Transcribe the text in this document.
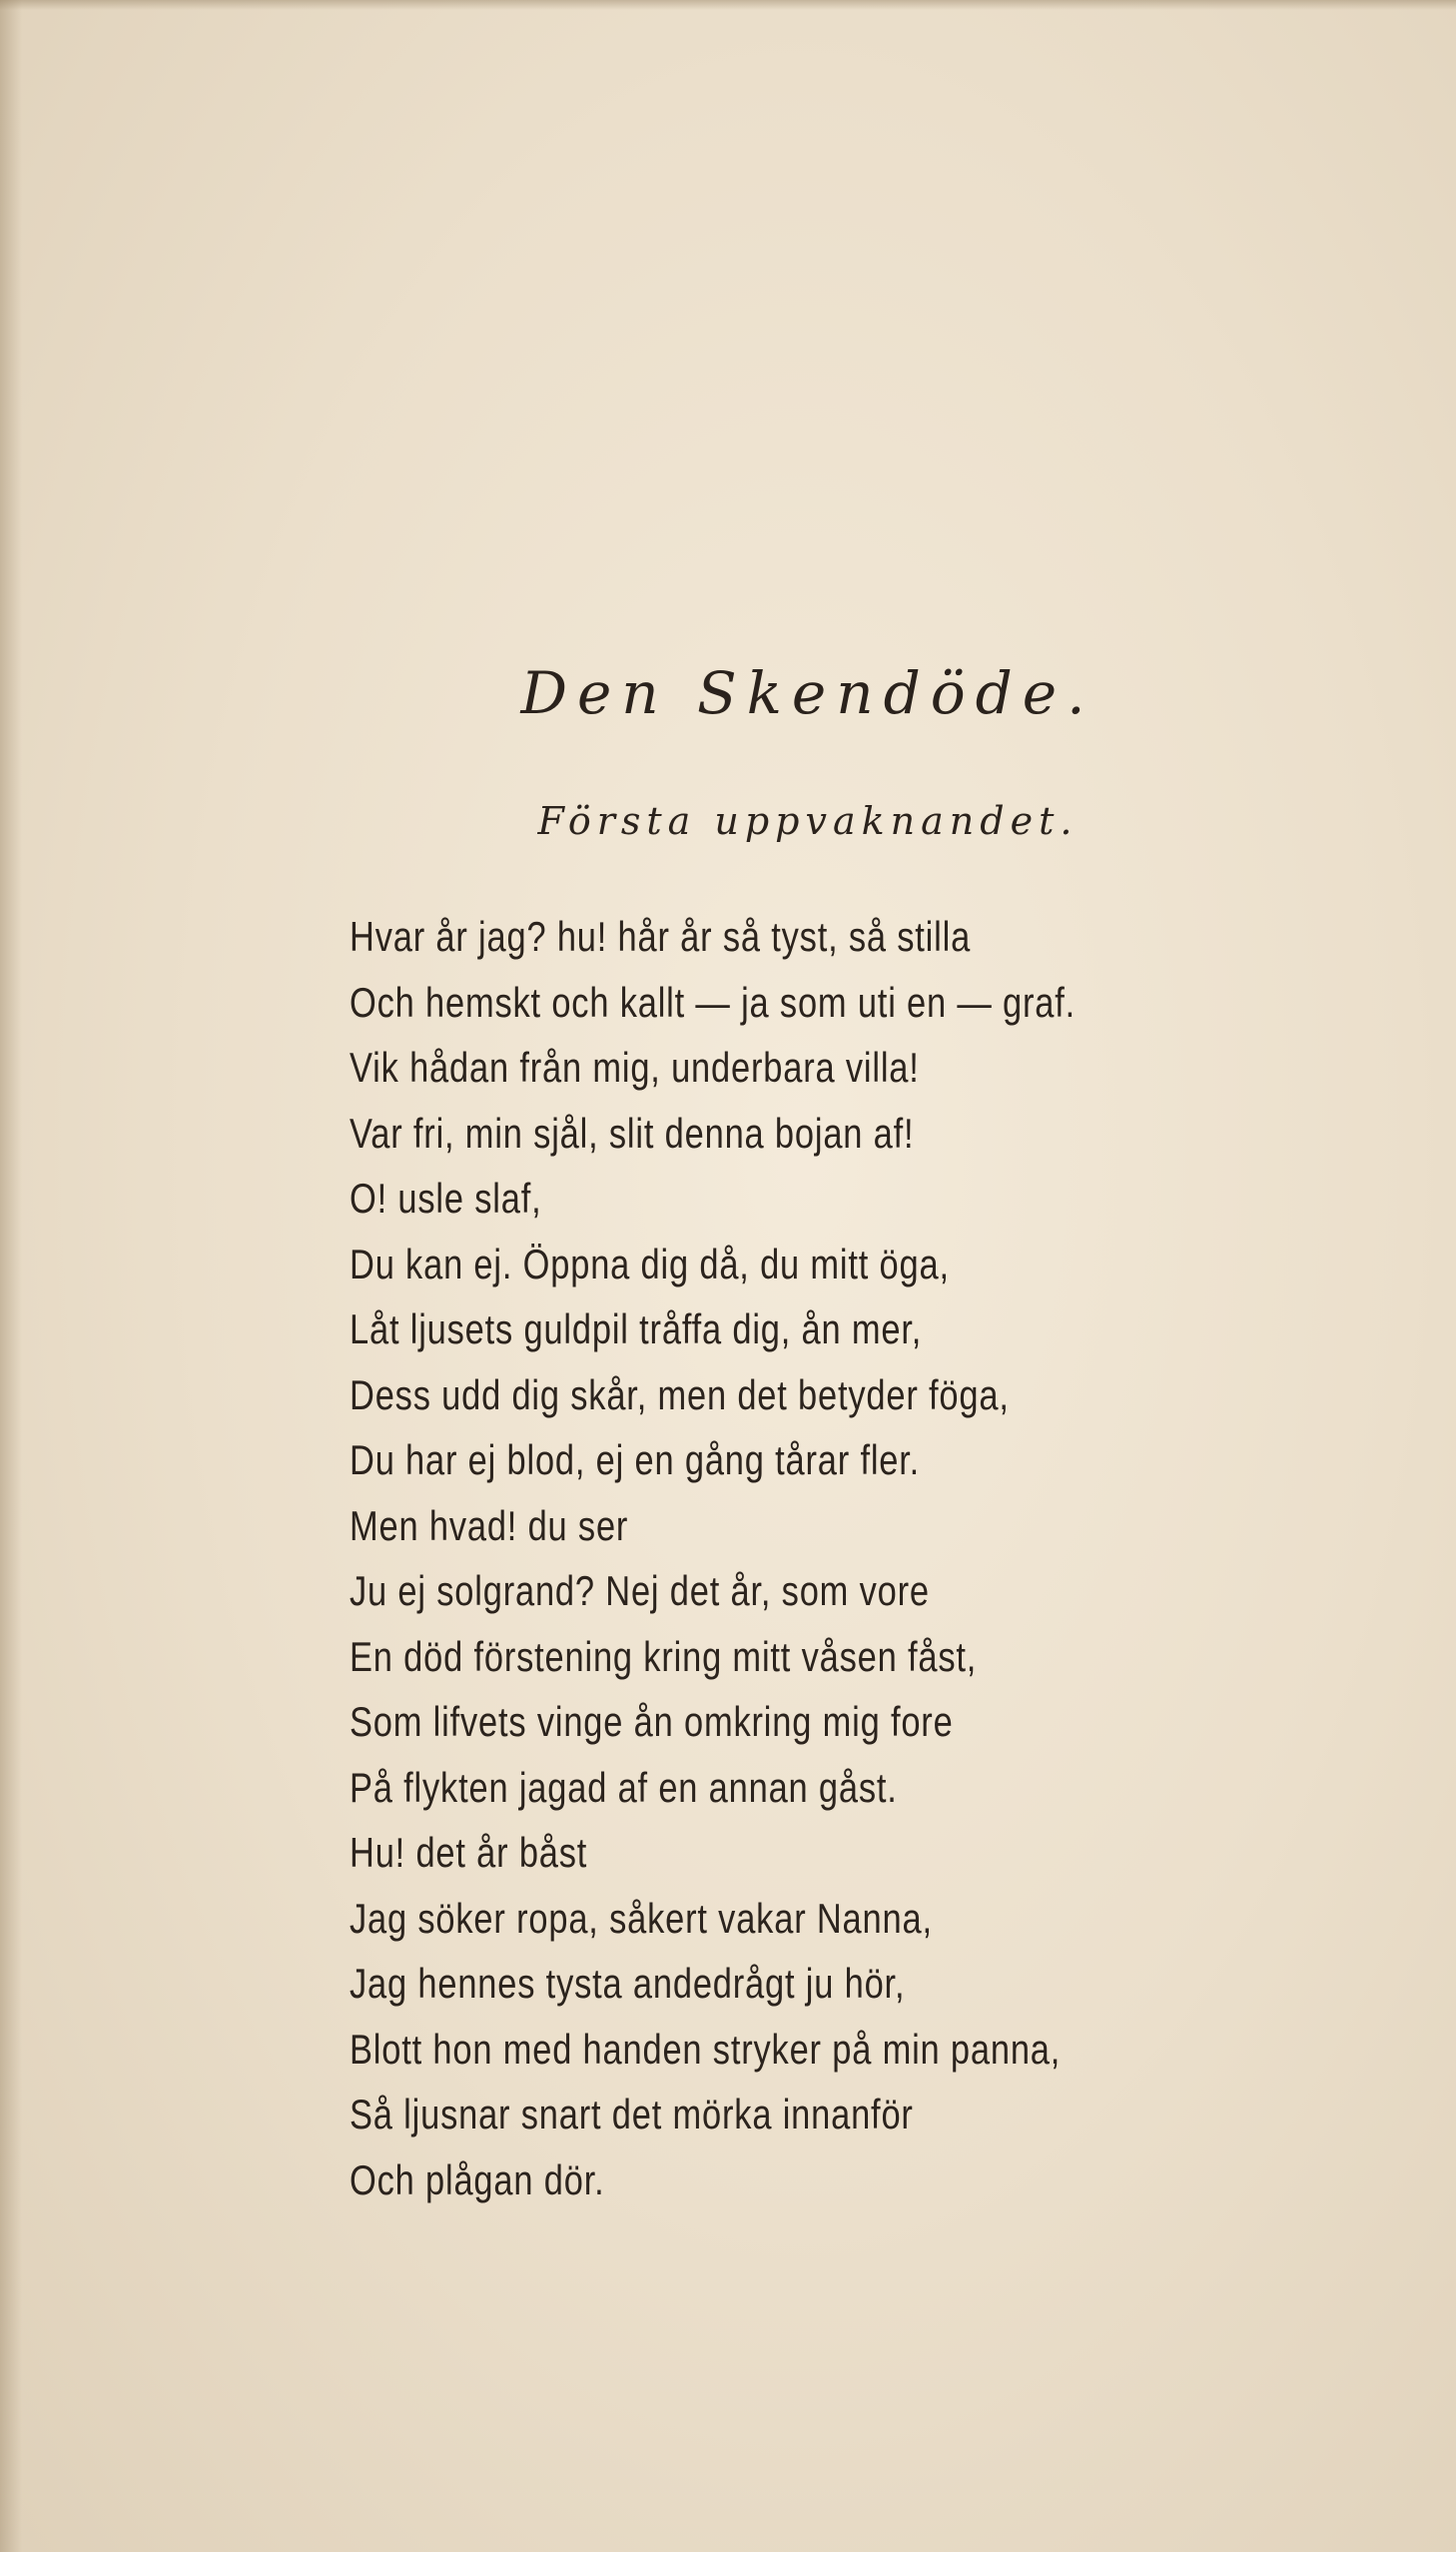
Den Skendöde.
Första uppvaknandet.
Hvar år jag? hu! hår år så tyst, så stilla
Och hemskt och kallt — ja som uti en — graf.
Vik hådan från mig, underbara villa!
Var fri, min sjål, slit denna bojan af!
O! usle slaf,
Du kan ej. Öppna dig då, du mitt öga,
Låt ljusets guldpil tråffa dig, ån mer,
Dess udd dig skår, men det betyder föga,
Du har ej blod, ej en gång tårar fler.
Men hvad! du ser
Ju ej solgrand? Nej det år, som vore
En död förstening kring mitt våsen fåst,
Som lifvets vinge ån omkring mig fore
På flykten jagad af en annan gåst.
Hu! det år båst
Jag söker ropa, såkert vakar Nanna,
Jag hennes tysta andedrågt ju hör,
Blott hon med handen stryker på min panna,
Så ljusnar snart det mörka innanför
Och plågan dör.
